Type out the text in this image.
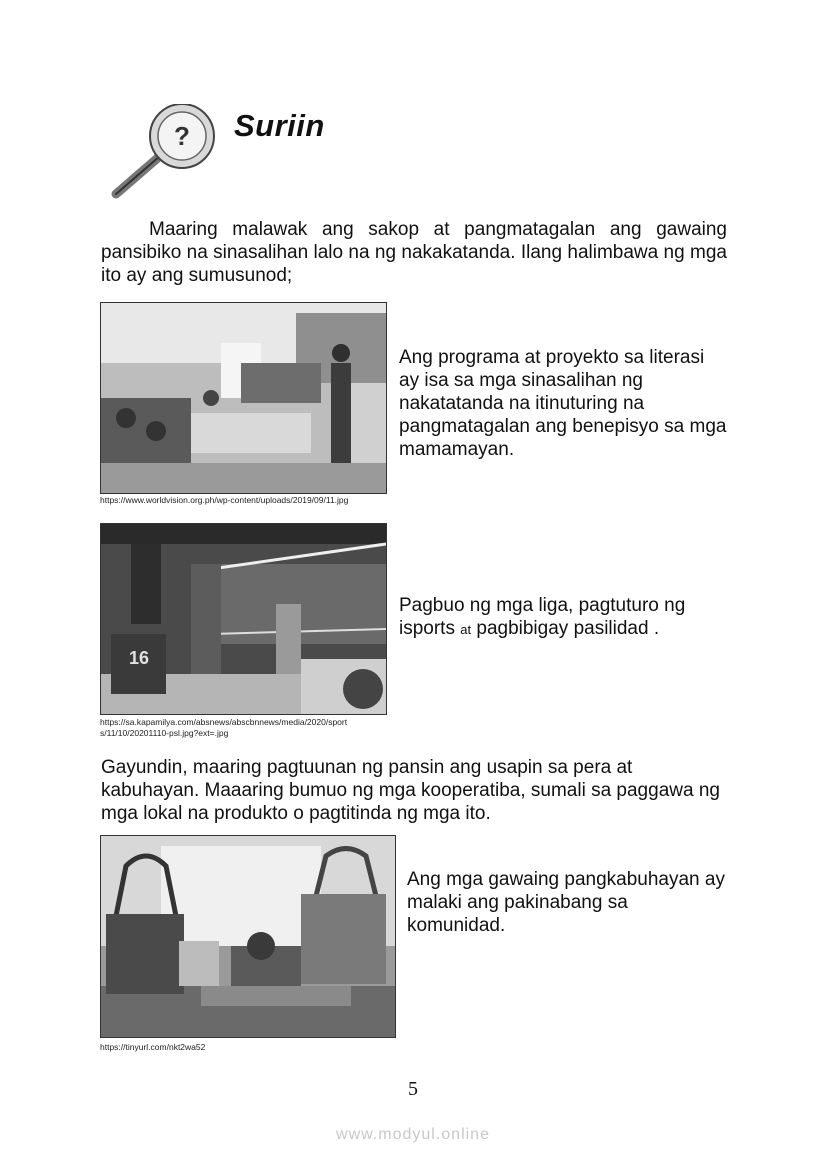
? Suriin
Maaring malawak ang sakop at pangmatagalan ang gawaing pansibiko na sinasalihan lalo na ng nakakatanda. Ilang halimbawa ng mga ito ay ang sumusunod;
https://www.worldvision.org.ph/wp-content/uploads/2019/09/11.jpg
Ang programa at proyekto sa literasi ay isa sa mga sinasalihan ng nakatatanda na itinuturing na pangmatagalan ang benepisyo sa mga mamamayan.
16
https://sa.kapamilya.com/absnews/abscbnnews/media/2020/sport
s/11/10/20201110-psl.jpg?ext=.jpg
Pagbuo ng mga liga, pagtuturo ng isports at pagbibigay pasilidad .
Gayundin, maaring pagtuunan ng pansin ang usapin sa pera at kabuhayan. Maaaring bumuo ng mga kooperatiba, sumali sa paggawa ng mga lokal na produkto o pagtitinda ng mga ito.
https://tinyurl.com/nkt2wa52
Ang mga gawaing pangkabuhayan ay malaki ang pakinabang sa komunidad.
5
www.modyul.online
